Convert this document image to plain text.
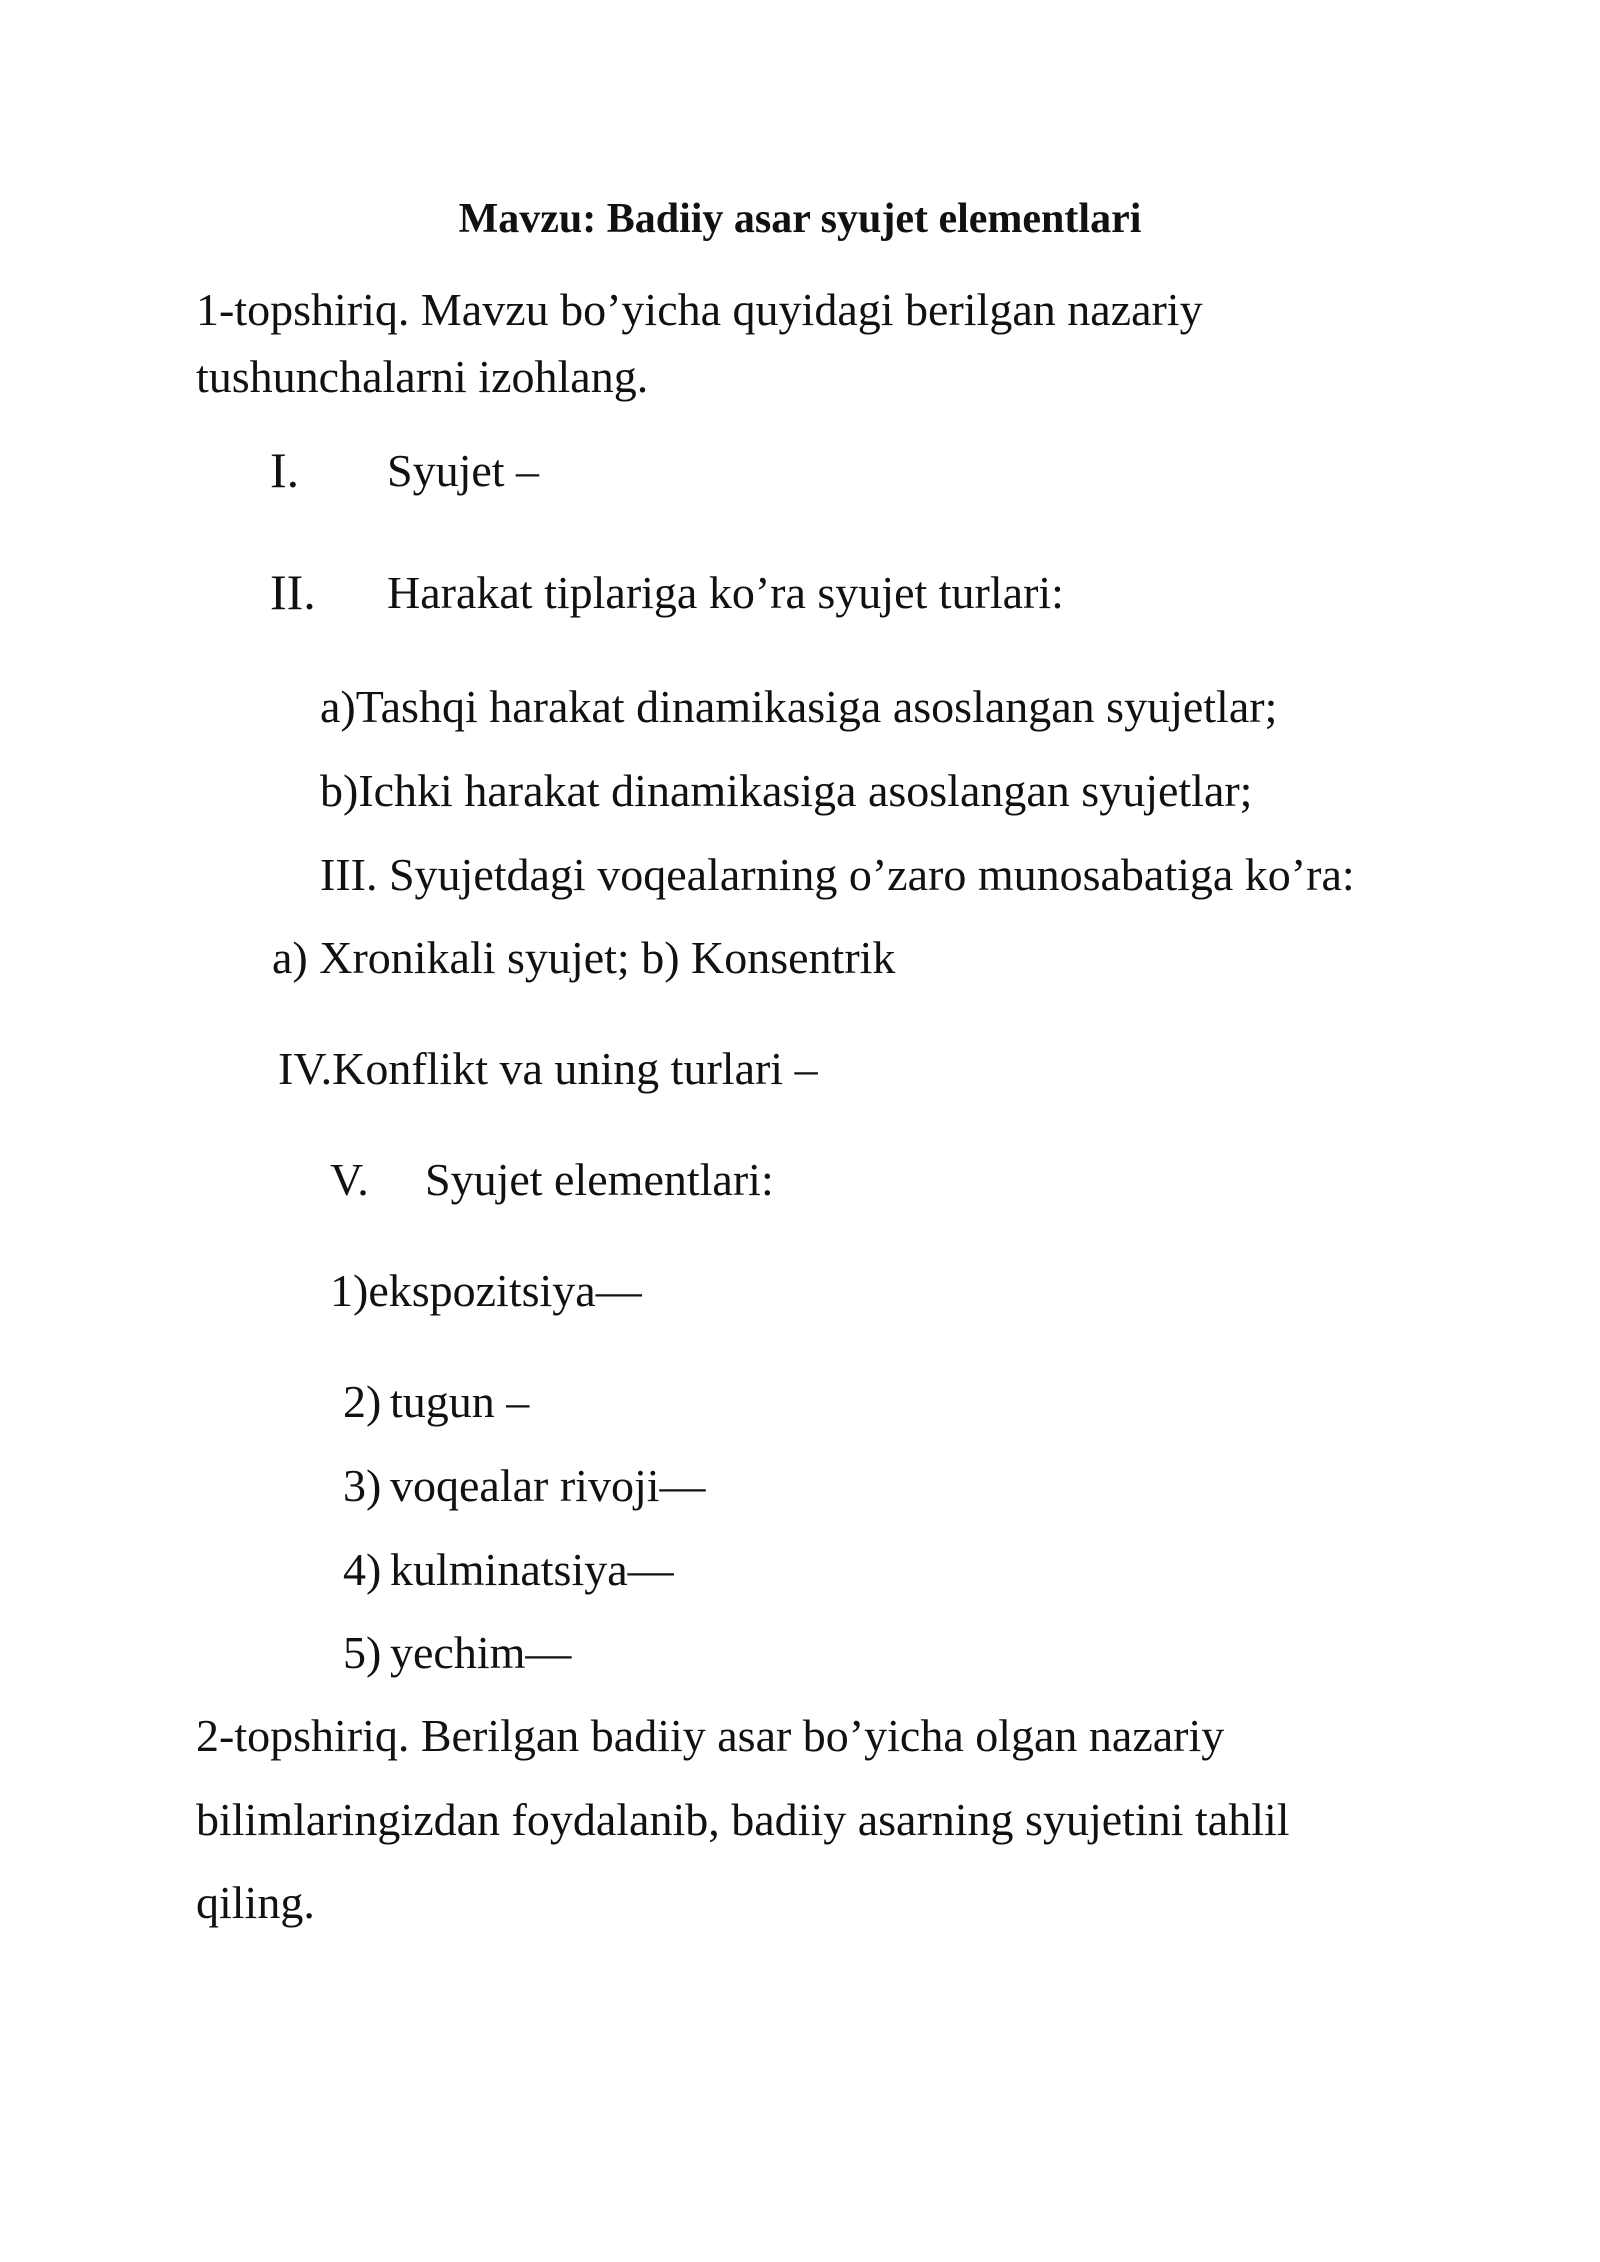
Mavzu: Badiiy asar syujet elementlari
1-topshiriq. Mavzu bo’yicha quyidagi berilgan nazariy
tushunchalarni izohlang.
I. Syujet –
II. Harakat tiplariga ko’ra syujet turlari:
a)Tashqi harakat dinamikasiga asoslangan syujetlar;
b)Ichki harakat dinamikasiga asoslangan syujetlar;
III. Syujetdagi voqealarning o’zaro munosabatiga ko’ra:
a) Xronikali syujet; b) Konsentrik
IV.Konflikt va uning turlari –
V. Syujet elementlari:
1)ekspozitsiya—
2) tugun –
3) voqealar rivoji—
4) kulminatsiya—
5) yechim—
2-topshiriq. Berilgan badiiy asar bo’yicha olgan nazariy
bilimlaringizdan foydalanib, badiiy asarning syujetini tahlil
qiling.
